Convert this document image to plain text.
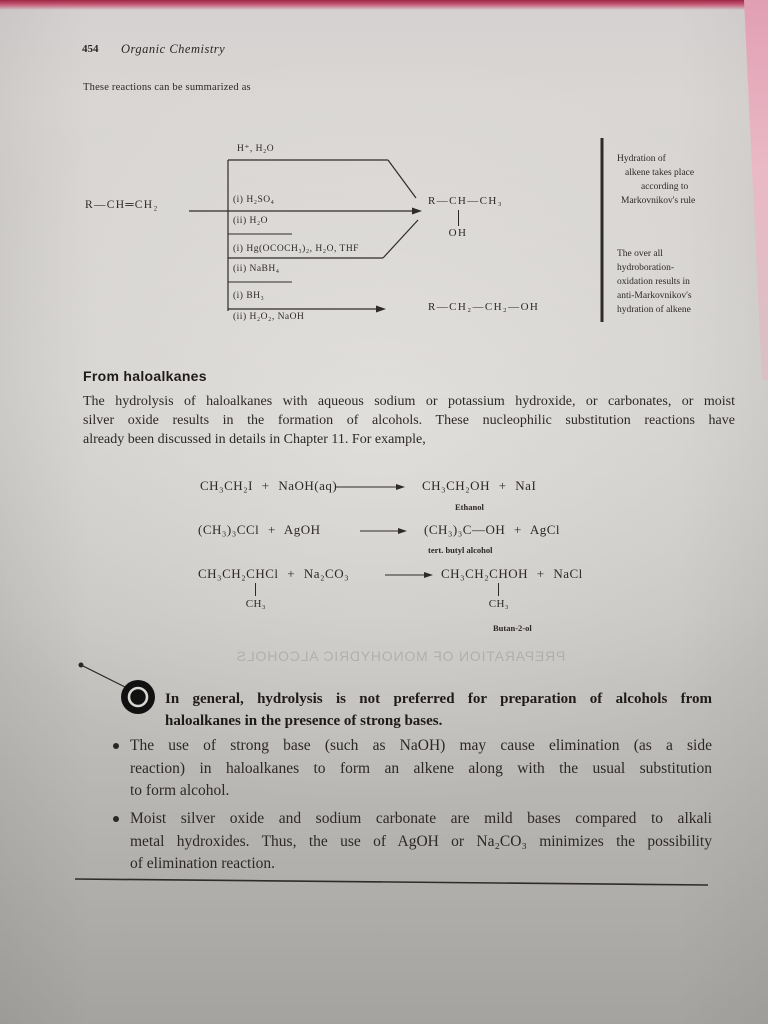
454 Organic Chemistry
These reactions can be summarized as
H⁺, H₂O
R—CH═CH₂	(i) H₂SO₄
(ii) H₂O
(i) Hg(OCOCH₃)₂, H₂O, THF
(ii) NaBH₄
(i) BH₃
(ii) H₂O₂, NaOH
R—CH—CH₃
OH
R—CH₂—CH₂—OH
Hydration of
alkene takes place
according to
Markovnikov's rule
The over all
hydroboration-
oxidation results in
anti-Markovnikov's
hydration of alkene
From haloalkanes
The hydrolysis of haloalkanes with aqueous sodium or potassium hydroxide, or carbonates, or moist
silver oxide results in the formation of alcohols. These nucleophilic substitution reactions have
already been discussed in details in Chapter 11. For example,
CH₃CH₂I + NaOH(aq)	CH₃CH₂OH + NaI
Ethanol
(CH₃)₃CCl + AgOH	(CH₃)₃C—OH + AgCl
tert. butyl alcohol
CH₃CH₂CHCl + Na₂CO₃	CH₃CH₂CHOH + NaCl
CH₃	CH₃
Butan-2-ol
PREPARATION OF MONOHYDRIC ALCOHOLS
In general, hydrolysis is not preferred for preparation of alcohols from
haloalkanes in the presence of strong bases.
The use of strong base (such as NaOH) may cause elimination (as a side
reaction) in haloalkanes to form an alkene along with the usual substitution
to form alcohol.
Moist silver oxide and sodium carbonate are mild bases compared to alkali
metal hydroxides. Thus, the use of AgOH or Na₂CO₃ minimizes the possibility
of elimination reaction.
